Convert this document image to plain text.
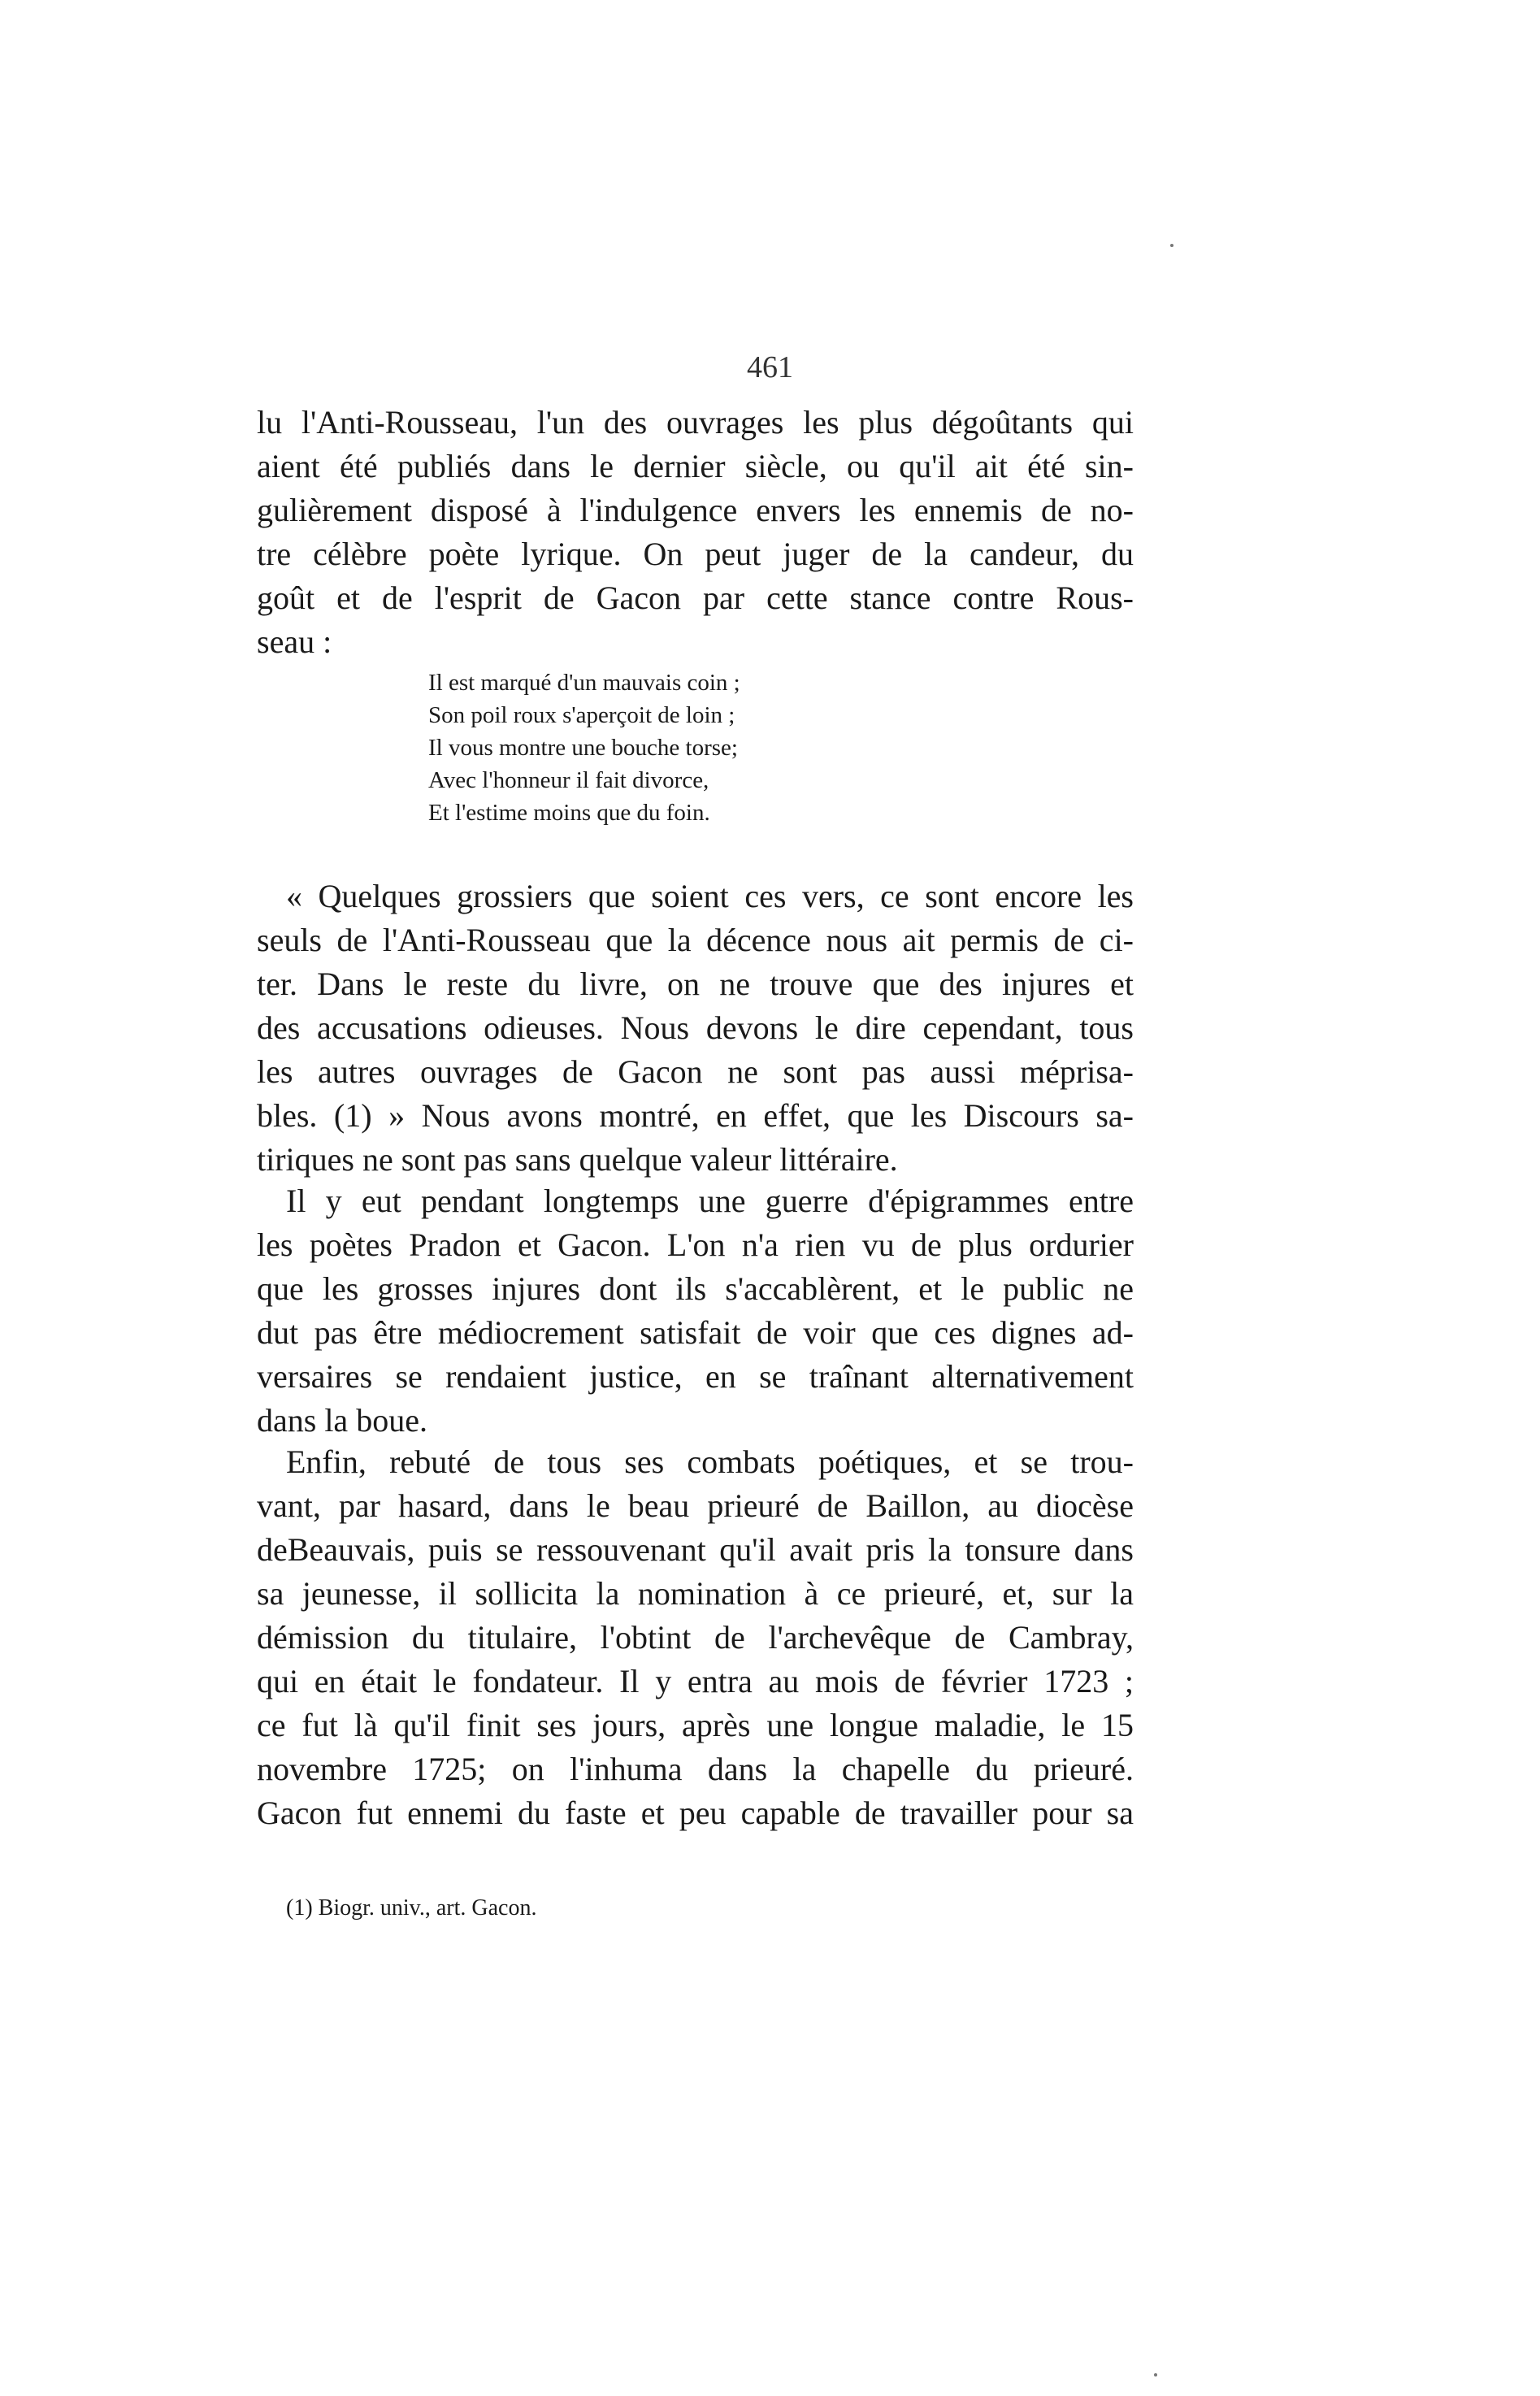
461
lu l'Anti-Rousseau, l'un des ouvrages les plus dégoûtants qui
aient été publiés dans le dernier siècle, ou qu'il ait été sin-
gulièrement disposé à l'indulgence envers les ennemis de no-
tre célèbre poète lyrique. On peut juger de la candeur, du
goût et de l'esprit de Gacon par cette stance contre Rous-
seau :
Il est marqué d'un mauvais coin ;
Son poil roux s'aperçoit de loin ;
Il vous montre une bouche torse;
Avec l'honneur il fait divorce,
Et l'estime moins que du foin.
« Quelques grossiers que soient ces vers, ce sont encore les
seuls de l'Anti-Rousseau que la décence nous ait permis de ci-
ter. Dans le reste du livre, on ne trouve que des injures et
des accusations odieuses. Nous devons le dire cependant, tous
les autres ouvrages de Gacon ne sont pas aussi méprisa-
bles. (1) » Nous avons montré, en effet, que les Discours sa-
tiriques ne sont pas sans quelque valeur littéraire.
Il y eut pendant longtemps une guerre d'épigrammes entre
les poètes Pradon et Gacon. L'on n'a rien vu de plus ordurier
que les grosses injures dont ils s'accablèrent, et le public ne
dut pas être médiocrement satisfait de voir que ces dignes ad-
versaires se rendaient justice, en se traînant alternativement
dans la boue.
Enfin, rebuté de tous ses combats poétiques, et se trou-
vant, par hasard, dans le beau prieuré de Baillon, au diocèse
deBeauvais, puis se ressouvenant qu'il avait pris la tonsure dans
sa jeunesse, il sollicita la nomination à ce prieuré, et, sur la
démission du titulaire, l'obtint de l'archevêque de Cambray,
qui en était le fondateur. Il y entra au mois de février 1723 ;
ce fut là qu'il finit ses jours, après une longue maladie, le 15
novembre 1725; on l'inhuma dans la chapelle du prieuré.
Gacon fut ennemi du faste et peu capable de travailler pour sa
(1) Biogr. univ., art. Gacon.
